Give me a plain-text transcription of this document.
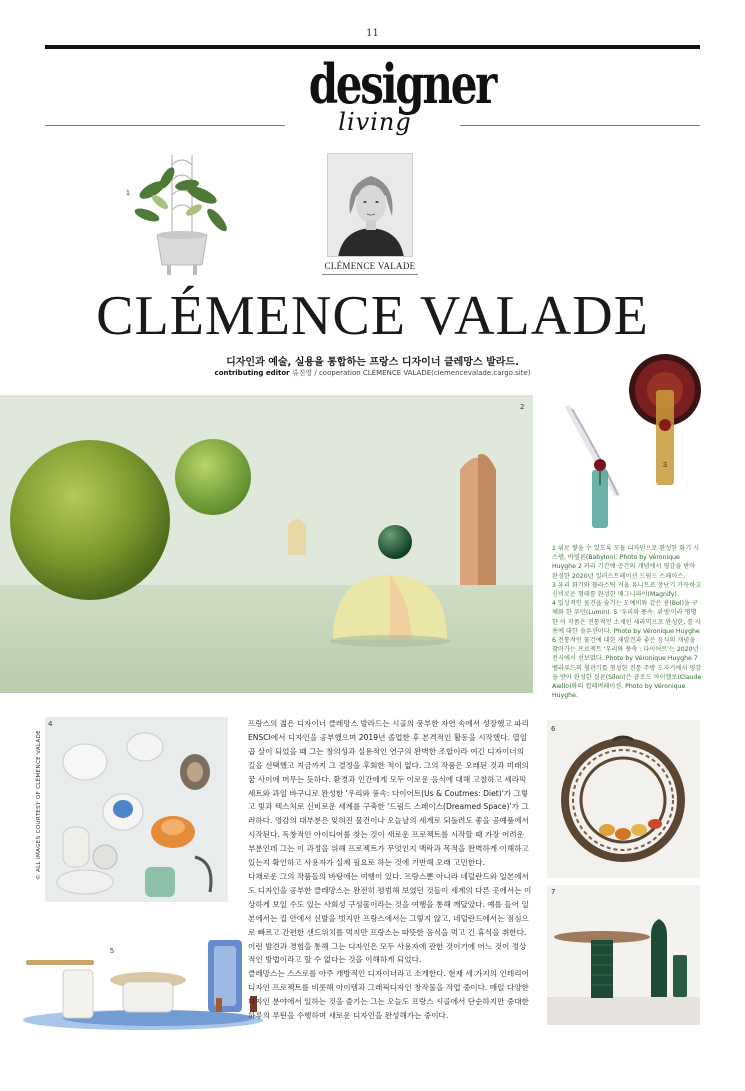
11
designer
living
1
CLÉMENCE VALADE
CLÉMENCE VALADE
디자인과 예술, 실용을 통합하는 프랑스 디자이너 클레망스 발라드.
contributing editor 류진영 / cooperation CLÉMENCE VALADE(clemencevalade.cargo.site)
2
3
1 위로 쌓을 수 있도록 모듈 디자인으로 완성한 화기 시스템, 바빌론(Babylon). Photo by Véronique Huyghe 2 과리 기간에 공간의 개념에서 영감을 받아 완성한 2020년 일러스트레이션 드림드 스페이스.
3 유리 화기와 플라스틱 거울 유니트로 장난기 가득하고 신비로운 형태를 완성한 매그니파이(Magnify).
4 일상적인 물건을 숨기는 도예비와 같은 용(Bol)을 구체화 한 루민(Lumin). 5 '우리와 풍속: 위생'이라 명명한 이 작품은 전통적인 소재인 세라믹으로 완성한, 를 사용에 대한 솔루션이다. Photo by Véronique Huyghe 6 전통적인 물건에 대한 재발견과 좋은 음식의 개념을 찾아가는 프로젝트 '우리와 풍속 : 다이어트'는 2020년 전시에서 선보였다. Photo by Véronique Huyghe 7 벨라루드의 혈관기를 형성한 전통 주방 도자기에서 영감을 받아 완성한 실론(Silon)은 클로드 아이엘로(Claude Aiello)와의 컬래버레이션. Photo by Véronique Huyghe.
4
© ALL IMAGES COURTESY OF CLÉMENCE VALADE
5

프랑스의 젊은 디자이너 클레망스 발라드는 시골의 풍부한 자연 속에서 성장했고 파리 ENSCI에서 디자인을 공부했으며 2019년 졸업한 후 본격적인 활동을 시작했다. 열일곱 살이 되었을 때 그는 창의성과 실용적인 연구의 완벽한 조합이라 여긴 디자이너의 길을 선택했고 지금까지 그 결정을 후회한 적이 없다. 그의 작품은 오래된 것과 미래의 꿈 사이에 머무는 듯하다. 환경과 인간에게 모두 이로운 음식에 대해 고찰하고 세라믹 세트와 과일 바구니로 완성한 '우리와 풍속: 다이어트(Us & Coutmes: Diet)'가 그렇고 빛과 텍스처로 신비로운 세계를 구축한 '드림드 스페이스(Dreamed Space)'가 그러하다. 영감의 대부분은 잊혀진 물건이나 오늘날의 세계로 되돌려도 좋을 공예품에서 시작된다. 독창적인 아이디어를 찾는 것이 새로운 프로젝트를 시작할 때 가장 어려운 부분인데 그는 이 과정을 위해 프로젝트가 무엇인지 맥락과 목적을 완벽하게 이해하고 있는지 확인하고 사용자가 실제 필요로 하는 것에 기반해 오래 고민한다.

다채로운 그의 작품들의 바탕에는 여행이 있다. 프랑스뿐 아니라 네덜란드와 일본에서도 디자인을 공부한 클레망스는 완전히 평범해 보였던 것들이 세계의 다른 곳에서는 이상하게 보일 수도 있는 사회성 구성물이라는 것을 여행을 통해 깨달았다. 예를 들어 일본에서는 집 안에서 신발을 벗지만 프랑스에서는 그렇지 않고, 네덜란드에서는 점심으로 빠르고 간편한 샌드위치를 먹지만 프랑스는 따뜻한 음식을 먹고 긴 휴식을 취한다. 이런 발견과 경험을 통해 그는 디자인은 모두 사용자에 관한 것이기에 어느 것이 정상적인 방법이라고 할 수 없다는 것을 이해하게 되었다.

클레망스는 스스로를 아주 개방적인 디자이너라고 소개한다. 현재 세 가지의 인테리어디자인 프로젝트를 비롯해 아이템과 그래픽디자인 창작물을 작업 중이다. 매일 다양한 디자인 분야에서 일하는 것을 즐기는 그는 오늘도 프랑스 시골에서 단순하지만 중대한 하루의 루틴을 수행하며 새로운 디자인을 완성해가는 중이다.

6
7
